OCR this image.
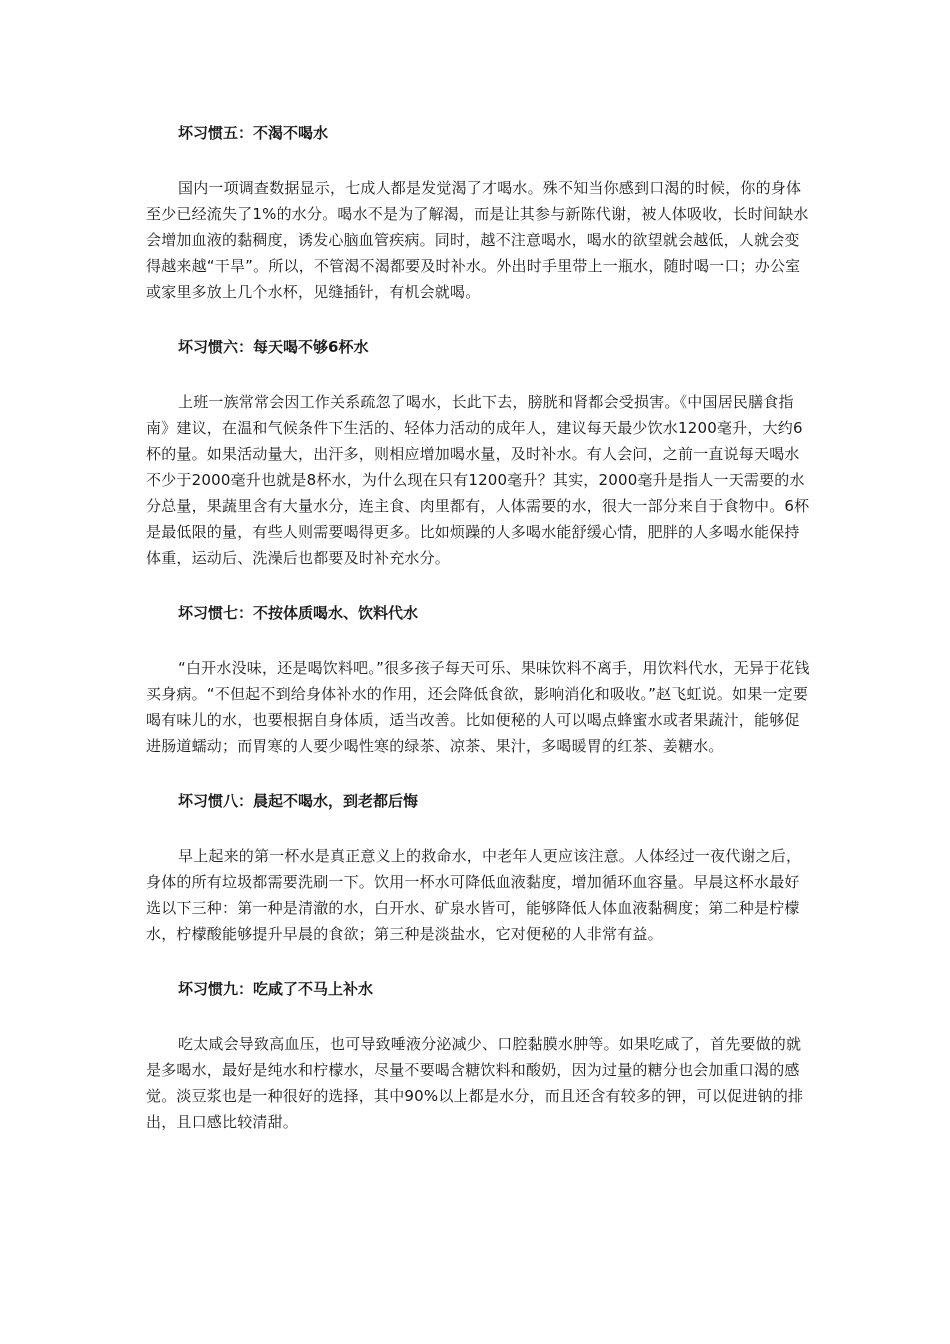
坏习惯五：不渴不喝水

国内一项调查数据显示，七成人都是发觉渴了才喝水。殊不知当你感到口渴的时候，你的身体至少已经流失了1%的水分。喝水不是为了解渴，而是让其参与新陈代谢，被人体吸收，长时间缺水会增加血液的黏稠度，诱发心脑血管疾病。同时，越不注意喝水，喝水的欲望就会越低，人就会变得越来越“干旱”。所以，不管渴不渴都要及时补水。外出时手里带上一瓶水，随时喝一口；办公室或家里多放上几个水杯，见缝插针，有机会就喝。

坏习惯六：每天喝不够6杯水

上班一族常常会因工作关系疏忽了喝水，长此下去，膀胱和肾都会受损害。《中国居民膳食指南》建议，在温和气候条件下生活的、轻体力活动的成年人，建议每天最少饮水1200毫升，大约6杯的量。如果活动量大，出汗多，则相应增加喝水量，及时补水。有人会问，之前一直说每天喝水不少于2000毫升也就是8杯水，为什么现在只有1200毫升？其实，2000毫升是指人一天需要的水分总量，果蔬里含有大量水分，连主食、肉里都有，人体需要的水，很大一部分来自于食物中。6杯是最低限的量，有些人则需要喝得更多。比如烦躁的人多喝水能舒缓心情，肥胖的人多喝水能保持体重，运动后、洗澡后也都要及时补充水分。

坏习惯七：不按体质喝水、饮料代水

“白开水没味，还是喝饮料吧。”很多孩子每天可乐、果味饮料不离手，用饮料代水，无异于花钱买身病。“不但起不到给身体补水的作用，还会降低食欲，影响消化和吸收。”赵飞虹说。如果一定要喝有味儿的水，也要根据自身体质，适当改善。比如便秘的人可以喝点蜂蜜水或者果蔬汁，能够促进肠道蠕动；而胃寒的人要少喝性寒的绿茶、凉茶、果汁，多喝暖胃的红茶、姜糖水。

坏习惯八：晨起不喝水，到老都后悔

早上起来的第一杯水是真正意义上的救命水，中老年人更应该注意。人体经过一夜代谢之后，身体的所有垃圾都需要洗刷一下。饮用一杯水可降低血液黏度，增加循环血容量。早晨这杯水最好选以下三种：第一种是清澈的水，白开水、矿泉水皆可，能够降低人体血液黏稠度；第二种是柠檬水，柠檬酸能够提升早晨的食欲；第三种是淡盐水，它对便秘的人非常有益。

坏习惯九：吃咸了不马上补水

吃太咸会导致高血压，也可导致唾液分泌减少、口腔黏膜水肿等。如果吃咸了，首先要做的就是多喝水，最好是纯水和柠檬水，尽量不要喝含糖饮料和酸奶，因为过量的糖分也会加重口渴的感觉。淡豆浆也是一种很好的选择，其中90%以上都是水分，而且还含有较多的钾，可以促进钠的排出，且口感比较清甜。
